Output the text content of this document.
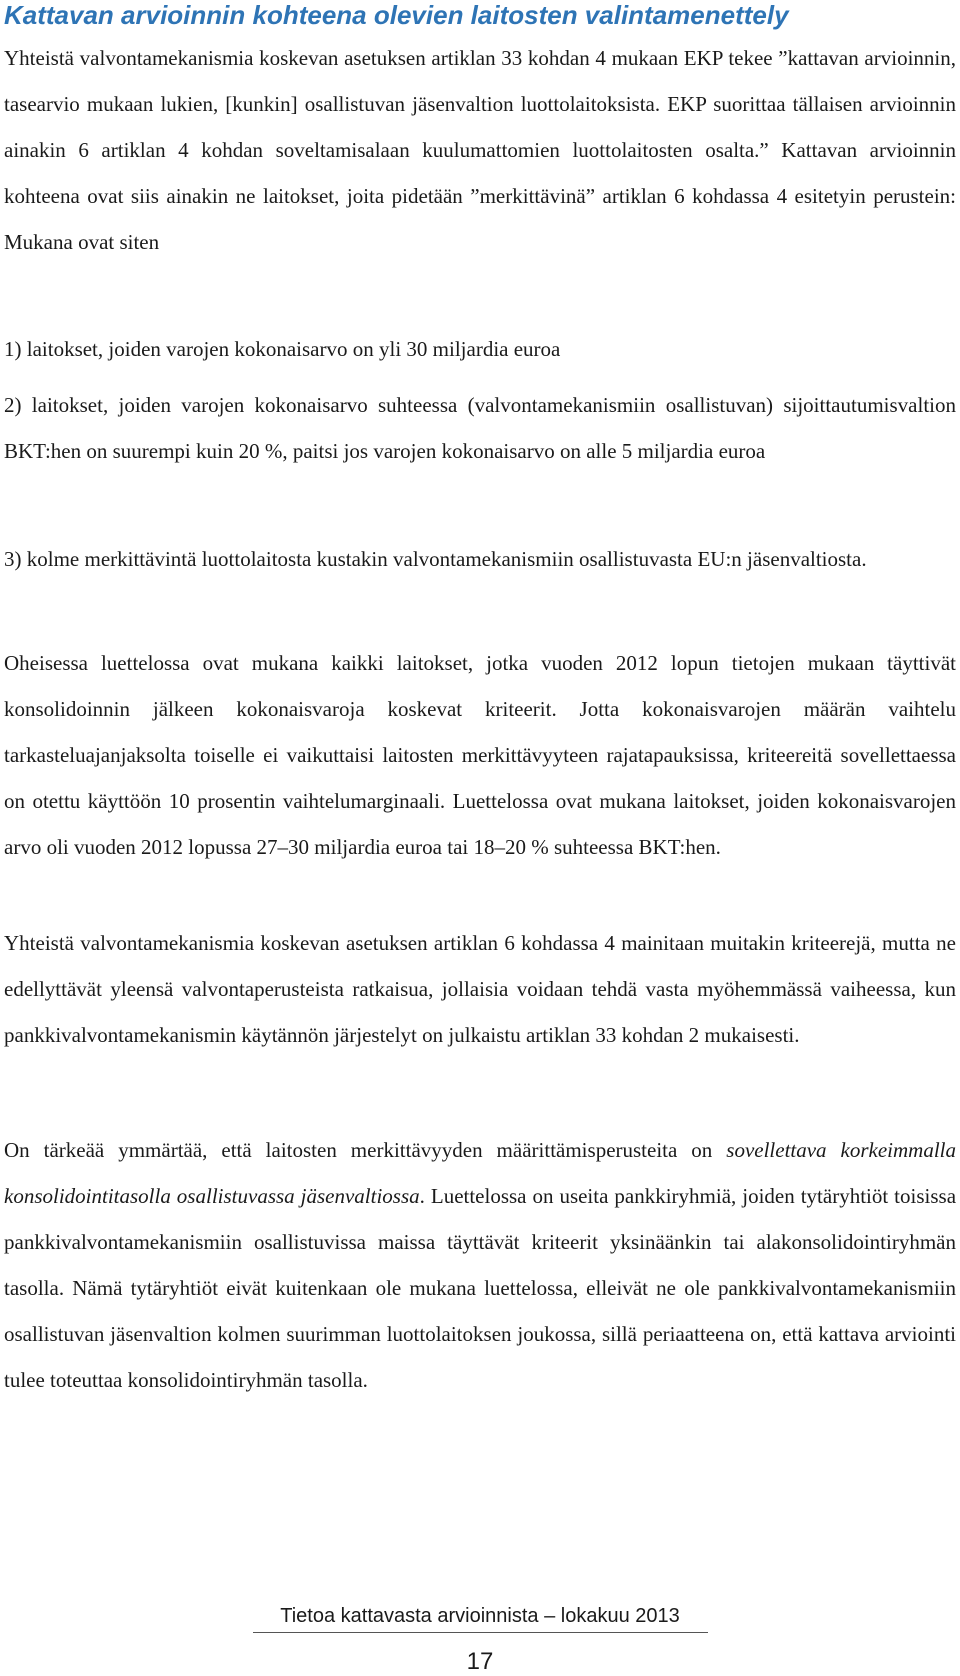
Kattavan arvioinnin kohteena olevien laitosten valintamenettely

Yhteistä valvontamekanismia koskevan asetuksen artiklan 33 kohdan 4 mukaan EKP tekee ”kattavan arvioinnin, tasearvio mukaan lukien, [kunkin] osallistuvan jäsenvaltion luottolaitoksista. EKP suorittaa tällaisen arvioinnin ainakin 6 artiklan 4 kohdan soveltamisalaan kuulumattomien luottolaitosten osalta.” Kattavan arvioinnin kohteena ovat siis ainakin ne laitokset, joita pidetään ”merkittävinä” artiklan 6 kohdassa 4 esitetyin perustein: Mukana ovat siten

1) laitokset, joiden varojen kokonaisarvo on yli 30 miljardia euroa

2) laitokset, joiden varojen kokonaisarvo suhteessa (valvontamekanismiin osallistuvan) sijoittautumisvaltion BKT:hen on suurempi kuin 20 %, paitsi jos varojen kokonaisarvo on alle 5 miljardia euroa

3) kolme merkittävintä luottolaitosta kustakin valvontamekanismiin osallistuvasta EU:n jäsenvaltiosta.

Oheisessa luettelossa ovat mukana kaikki laitokset, jotka vuoden 2012 lopun tietojen mukaan täyttivät konsolidoinnin jälkeen kokonaisvaroja koskevat kriteerit. Jotta kokonaisvarojen määrän vaihtelu tarkasteluajanjaksolta toiselle ei vaikuttaisi laitosten merkittävyyteen rajatapauksissa, kriteereitä sovellettaessa on otettu käyttöön 10 prosentin vaihtelumarginaali. Luettelossa ovat mukana laitokset, joiden kokonaisvarojen arvo oli vuoden 2012 lopussa 27–30 miljardia euroa tai 18–20 % suhteessa BKT:hen.

Yhteistä valvontamekanismia koskevan asetuksen artiklan 6 kohdassa 4 mainitaan muitakin kriteerejä, mutta ne edellyttävät yleensä valvontaperusteista ratkaisua, jollaisia voidaan tehdä vasta myöhemmässä vaiheessa, kun pankkivalvontamekanismin käytännön järjestelyt on julkaistu artiklan 33 kohdan 2 mukaisesti.

On tärkeää ymmärtää, että laitosten merkittävyyden määrittämisperusteita on sovellettava korkeimmalla konsolidointitasolla osallistuvassa jäsenvaltiossa. Luettelossa on useita pankkiryhmiä, joiden tytäryhtiöt toisissa pankkivalvontamekanismiin osallistuvissa maissa täyttävät kriteerit yksinäänkin tai alakonsolidointiryhmän tasolla. Nämä tytäryhtiöt eivät kuitenkaan ole mukana luettelossa, elleivät ne ole pankkivalvontamekanismiin osallistuvan jäsenvaltion kolmen suurimman luottolaitoksen joukossa, sillä periaatteena on, että kattava arviointi tulee toteuttaa konsolidointiryhmän tasolla.

Tietoa kattavasta arvioinnista – lokakuu 2013
17
